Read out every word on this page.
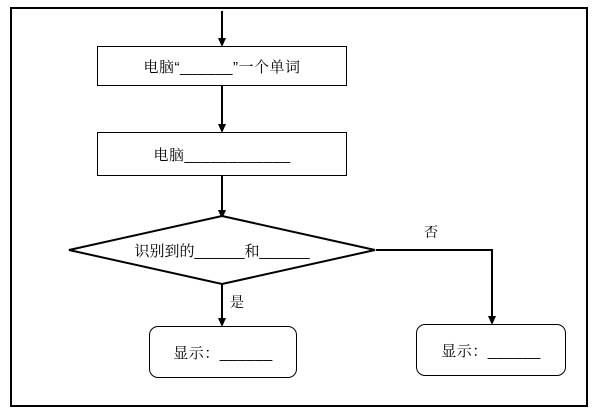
电脑“______”一个单词
电脑____________
识别到的______和______
是
否
显示：______	显示：______
